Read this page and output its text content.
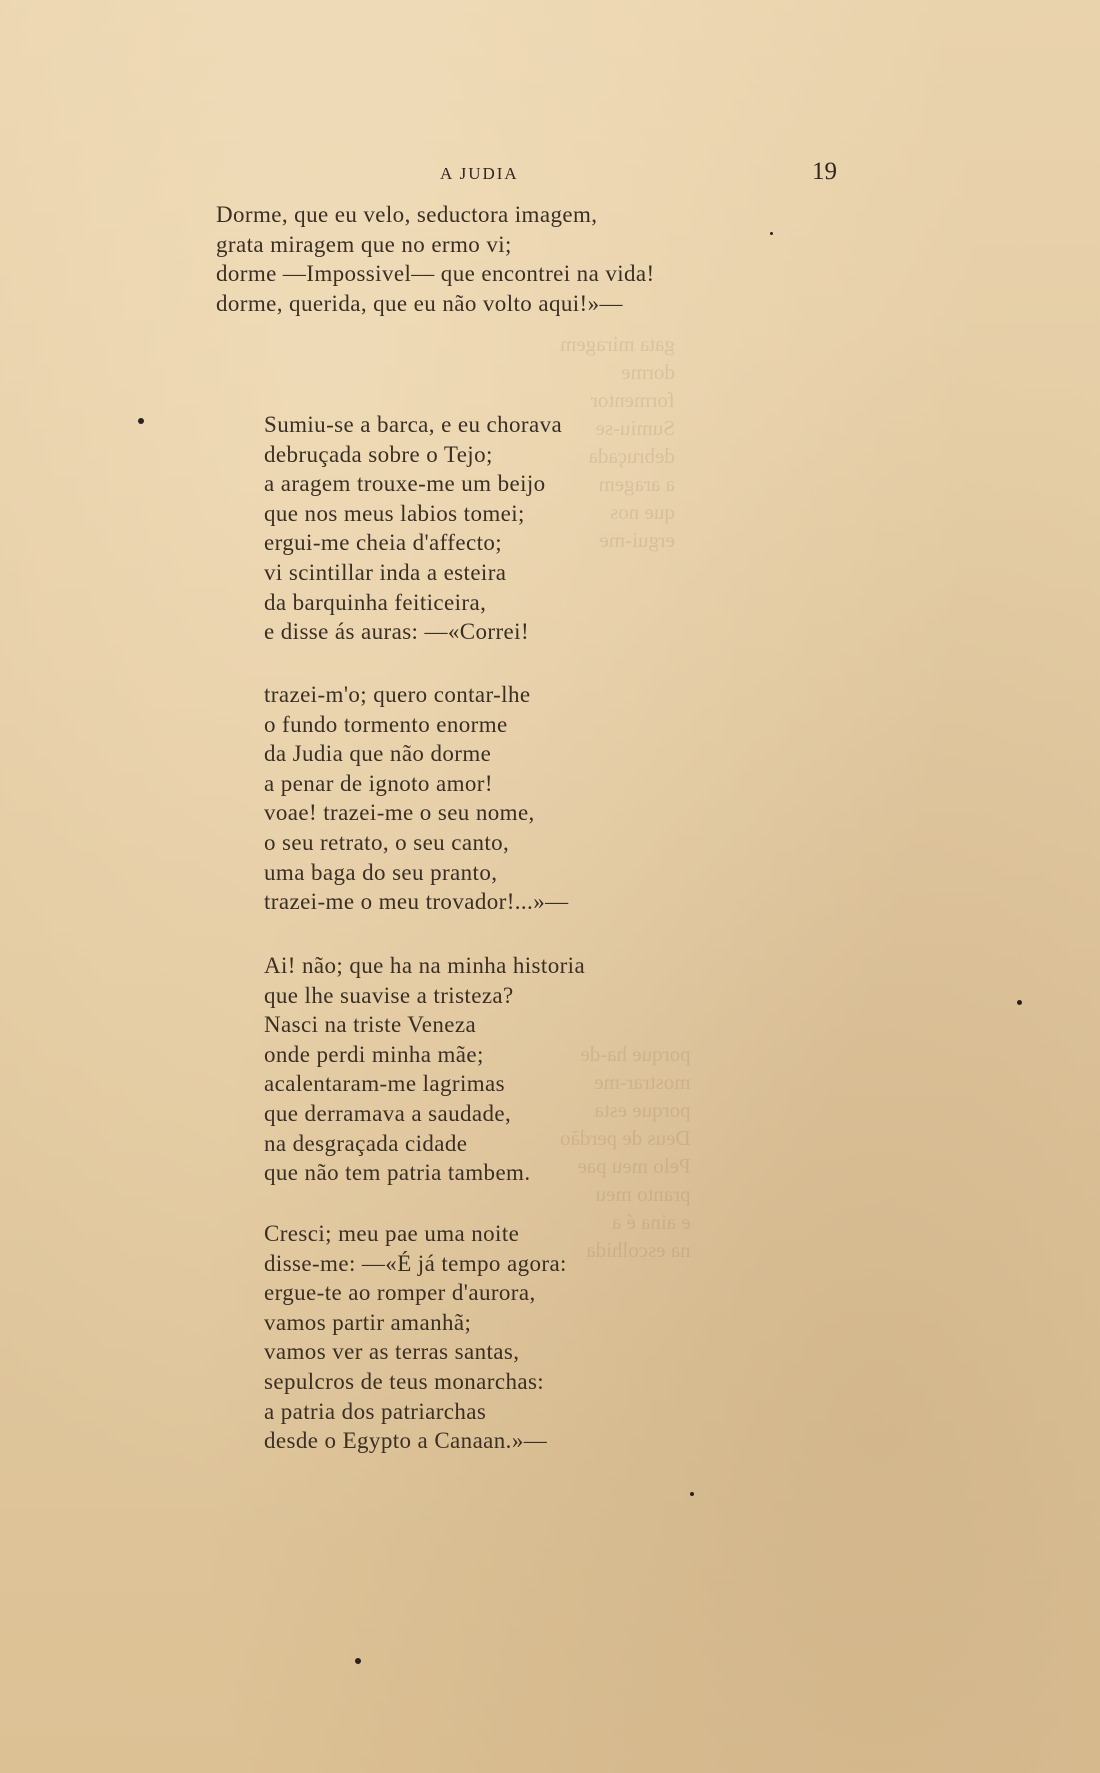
gata miragem
dorme
formentor
Sumiu-se
debruçada
a aragem
que nos
ergui-me
porque ha-de
mostrar-me
porque esta
Deus de perdão
Pelo meu pae
pranto meu
e aina é a
na escolhida
A JUDIA	19
Dorme, que eu velo, seductora imagem,
grata miragem que no ermo vi;
dorme —Impossivel— que encontrei na vida!
dorme, querida, que eu não volto aqui!»—
Sumiu-se a barca, e eu chorava
debruçada sobre o Tejo;
a aragem trouxe-me um beijo
que nos meus labios tomei;
ergui-me cheia d'affecto;
vi scintillar inda a esteira
da barquinha feiticeira,
e disse ás auras: —«Correi!
trazei-m'o; quero contar-lhe
o fundo tormento enorme
da Judia que não dorme
a penar de ignoto amor!
voae! trazei-me o seu nome,
o seu retrato, o seu canto,
uma baga do seu pranto,
trazei-me o meu trovador!...»—
Ai! não; que ha na minha historia
que lhe suavise a tristeza?
Nasci na triste Veneza
onde perdi minha mãe;
acalentaram-me lagrimas
que derramava a saudade,
na desgraçada cidade
que não tem patria tambem.
Cresci; meu pae uma noite
disse-me: —«É já tempo agora:
ergue-te ao romper d'aurora,
vamos partir amanhã;
vamos ver as terras santas,
sepulcros de teus monarchas:
a patria dos patriarchas
desde o Egypto a Canaan.»—
